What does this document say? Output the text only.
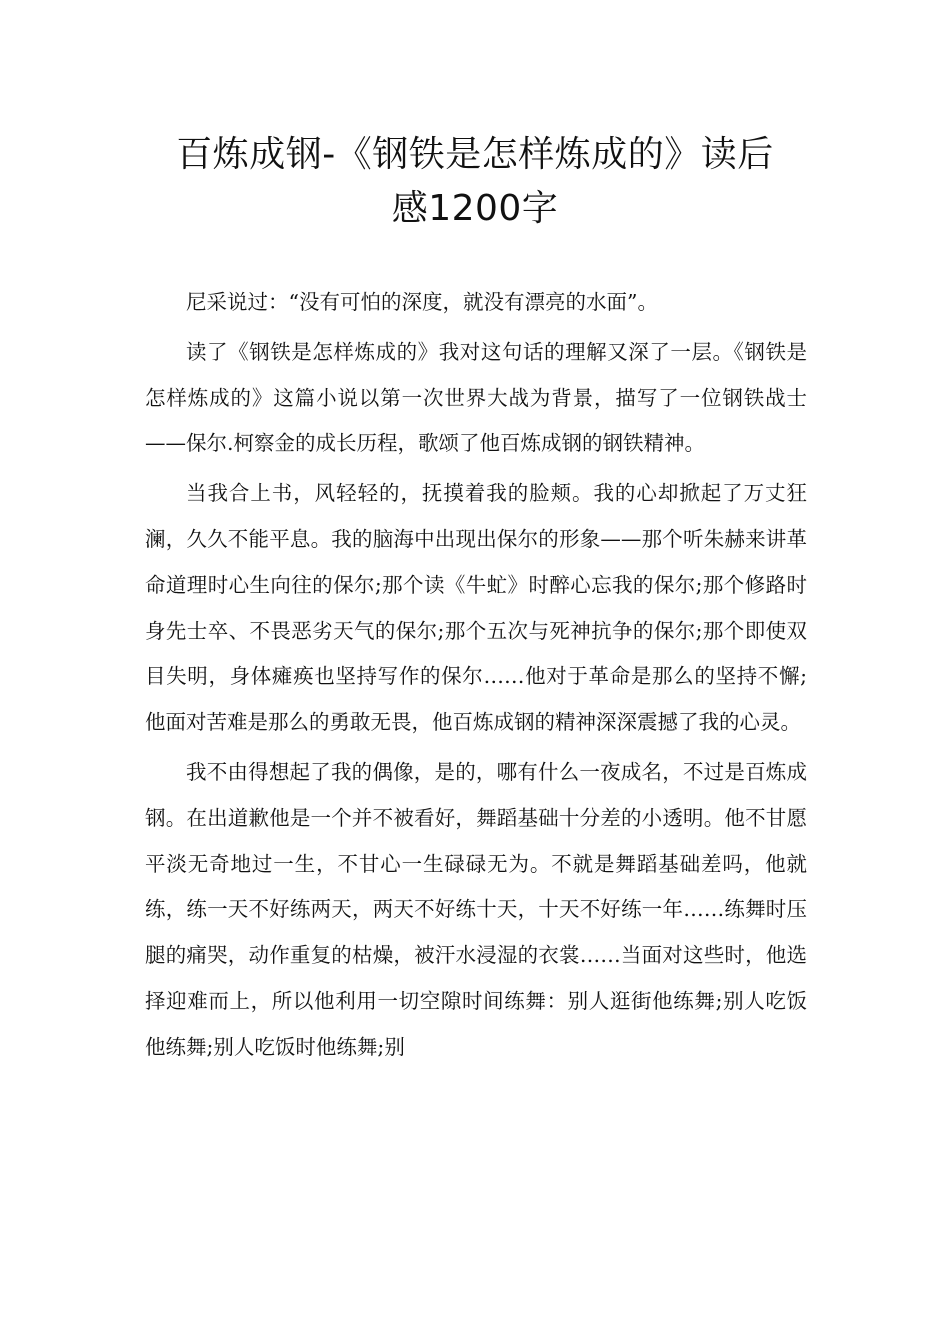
百炼成钢-《钢铁是怎样炼成的》读后
感1200字

尼采说过：“没有可怕的深度，就没有漂亮的水面”。

读了《钢铁是怎样炼成的》我对这句话的理解又深了一层。《钢铁是怎样炼成的》这篇小说以第一次世界大战为背景，描写了一位钢铁战士——保尔.柯察金的成长历程，歌颂了他百炼成钢的钢铁精神。

当我合上书，风轻轻的，抚摸着我的脸颊。我的心却掀起了万丈狂澜，久久不能平息。我的脑海中出现出保尔的形象——那个听朱赫来讲革命道理时心生向往的保尔;那个读《牛虻》时醉心忘我的保尔;那个修路时身先士卒、不畏恶劣天气的保尔;那个五次与死神抗争的保尔;那个即使双目失明，身体瘫痪也坚持写作的保尔……他对于革命是那么的坚持不懈;他面对苦难是那么的勇敢无畏，他百炼成钢的精神深深震撼了我的心灵。

我不由得想起了我的偶像，是的，哪有什么一夜成名，不过是百炼成钢。在出道歉他是一个并不被看好，舞蹈基础十分差的小透明。他不甘愿平淡无奇地过一生，不甘心一生碌碌无为。不就是舞蹈基础差吗，他就练，练一天不好练两天，两天不好练十天，十天不好练一年……练舞时压腿的痛哭，动作重复的枯燥，被汗水浸湿的衣裳……当面对这些时，他选择迎难而上，所以他利用一切空隙时间练舞：别人逛街他练舞;别人吃饭他练舞;别人吃饭时他练舞;别
